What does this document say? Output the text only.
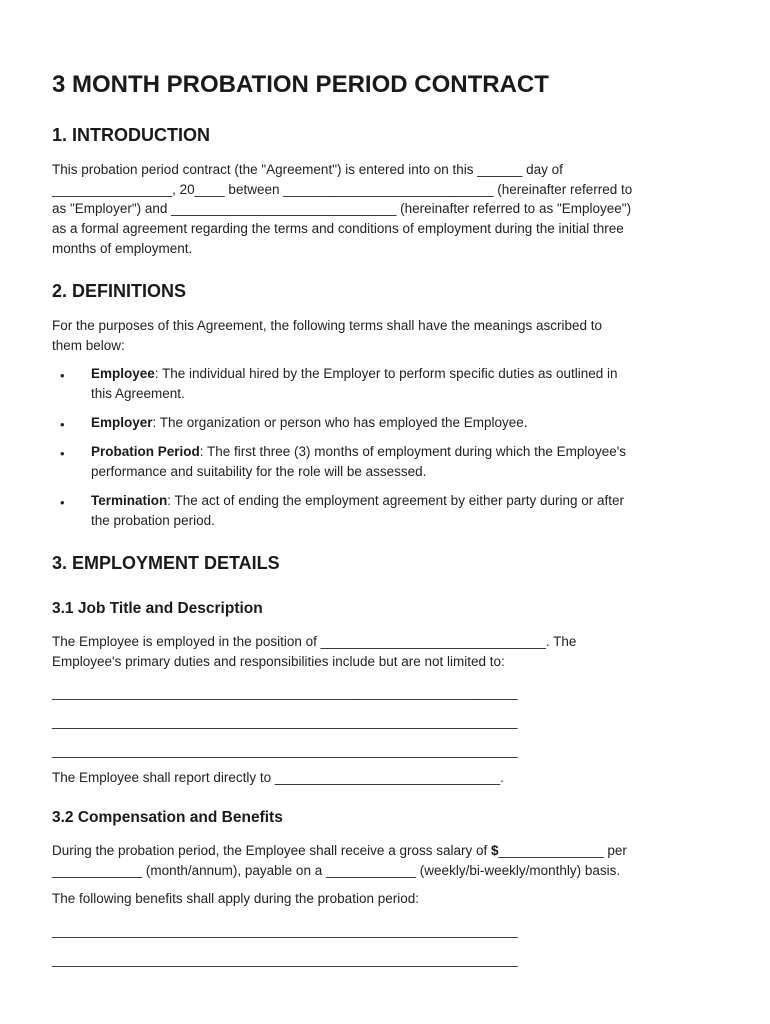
3 MONTH PROBATION PERIOD CONTRACT
1. INTRODUCTION

This probation period contract (the "Agreement") is entered into on this ______ day of
________________, 20____ between ____________________________ (hereinafter referred to
as "Employer") and ______________________________ (hereinafter referred to as "Employee")
as a formal agreement regarding the terms and conditions of employment during the initial three
months of employment.

2. DEFINITIONS

For the purposes of this Agreement, the following terms shall have the meanings ascribed to
them below:

• Employee: The individual hired by the Employer to perform specific duties as outlined in
this Agreement.

• Employer: The organization or person who has employed the Employee.

• Probation Period: The first three (3) months of employment during which the Employee's
performance and suitability for the role will be assessed.

• Termination: The act of ending the employment agreement by either party during or after
the probation period.

3. EMPLOYMENT DETAILS
3.1 Job Title and Description

The Employee is employed in the position of ______________________________. The
Employee's primary duties and responsibilities include but are not limited to:

______________________________________________________________

______________________________________________________________

______________________________________________________________

The Employee shall report directly to ______________________________.

3.2 Compensation and Benefits

During the probation period, the Employee shall receive a gross salary of $______________ per
____________ (month/annum), payable on a ____________ (weekly/bi-weekly/monthly) basis.

The following benefits shall apply during the probation period:

______________________________________________________________

______________________________________________________________
